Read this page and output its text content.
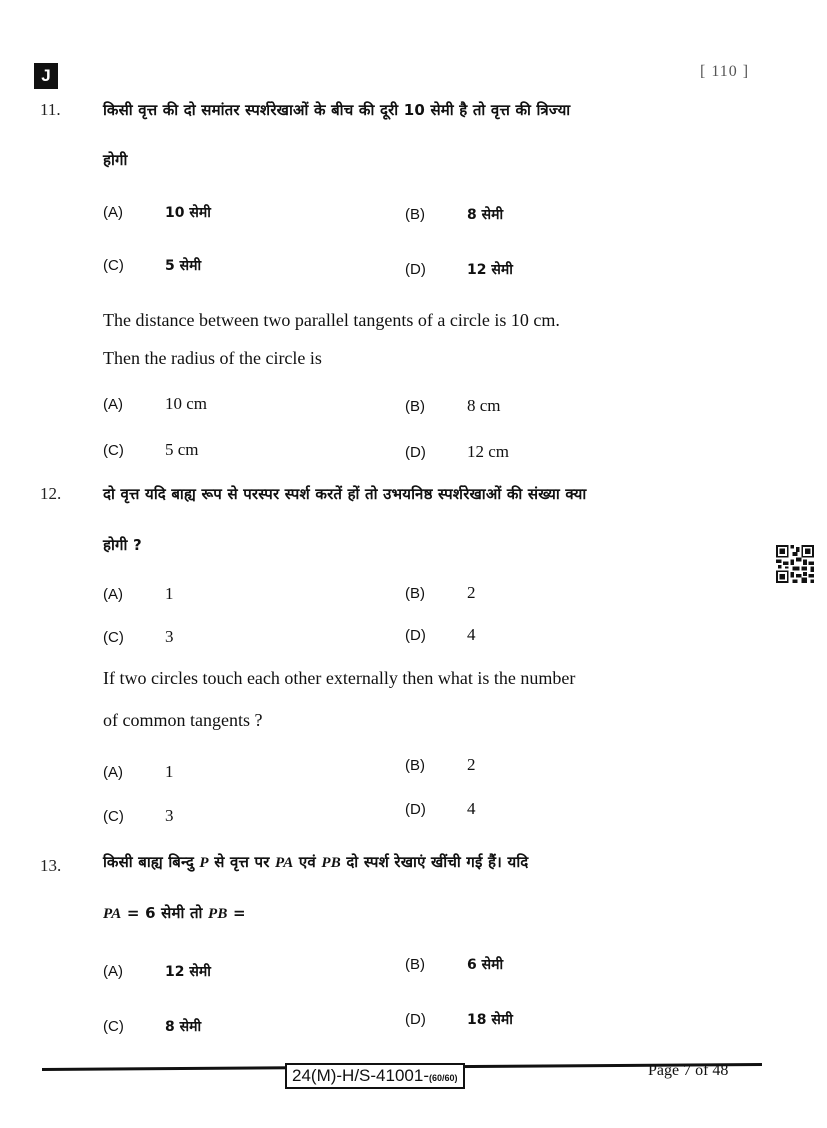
J	[ 110 ]
11.	किसी वृत्त की दो समांतर स्पर्शरेखाओं के बीच की दूरी 10 सेमी है तो वृत्त की त्रिज्या
होगी
(A)	10 सेमी	(B)	8 सेमी
(C)	5 सेमी	(D)	12 सेमी
The distance between two parallel tangents of a circle is 10 cm.
Then the radius of the circle is
(A)	10 cm	(B)	8 cm
(C)	5 cm	(D)	12 cm
12.	दो वृत्त यदि बाह्य रूप से परस्पर स्पर्श करतें हों तो उभयनिष्ठ स्पर्शरेखाओं की संख्या क्या
होगी ?
(A)	1	(B)	2
(C)	3	(D)	4
If two circles touch each other externally then what is the number
of common tangents ?
(A)	1	(B)	2
(C)	3	(D)	4
13.	किसी बाह्य बिन्दु P से वृत्त पर PA एवं PB दो स्पर्श रेखाएं खींची गई हैं। यदि
PA = 6 सेमी तो PB =
(A)	12 सेमी	(B)	6 सेमी
(C)	8 सेमी	(D)	18 सेमी
24(M)-H/S-41001-(60/60)	Page 7 of 48
